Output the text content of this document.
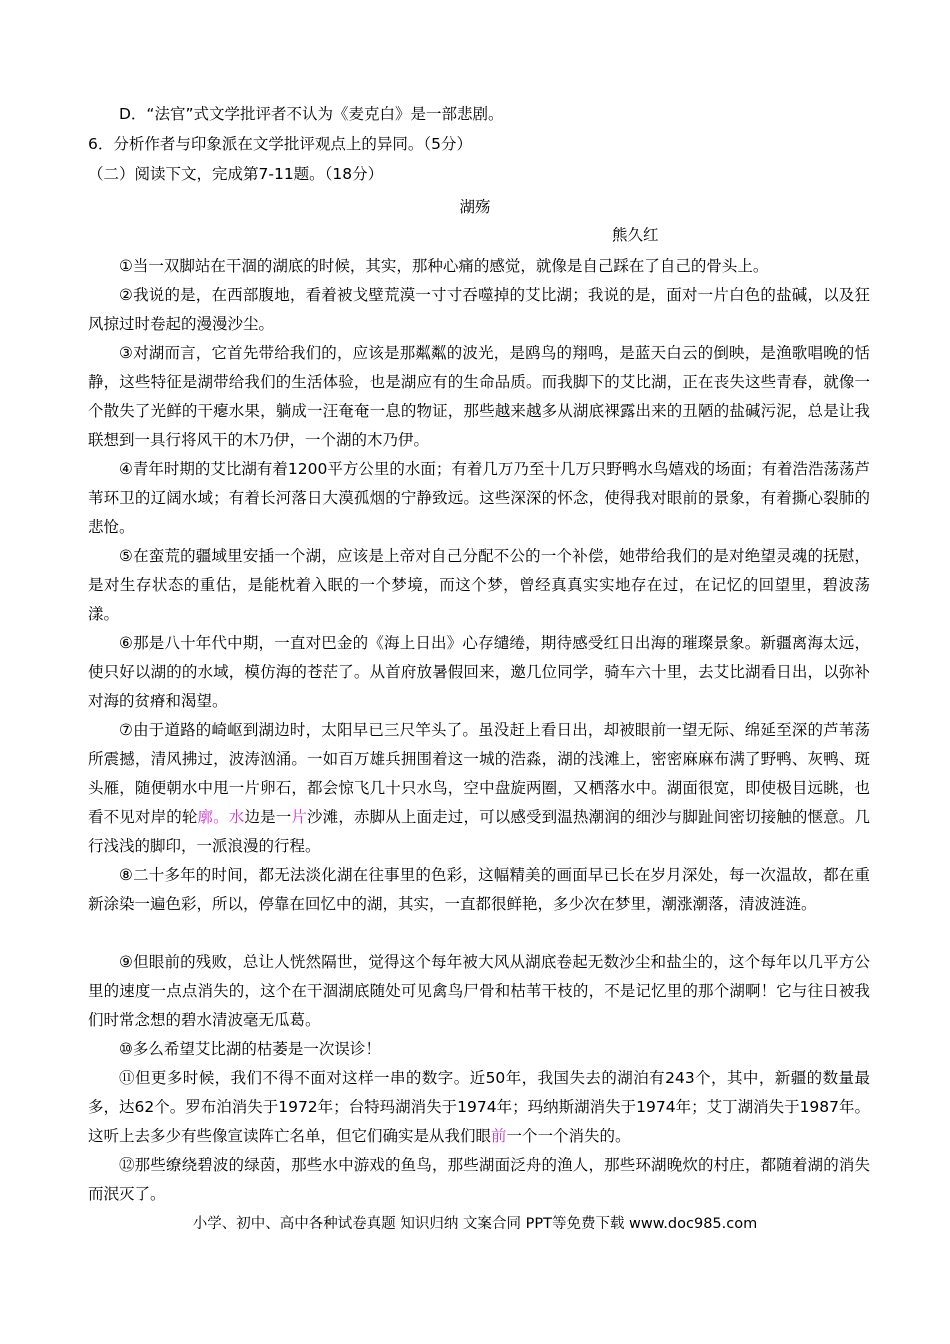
D．“法官”式文学批评者不认为《麦克白》是一部悲剧。
6．分析作者与印象派在文学批评观点上的异同。（5分）
（二）阅读下文，完成第7-11题。（18分）
湖殇
熊久红
①当一双脚站在干涸的湖底的时候，其实，那种心痛的感觉，就像是自己踩在了自己的骨头上。
②我说的是，在西部腹地，看着被戈壁荒漠一寸寸吞噬掉的艾比湖；我说的是，面对一片白色的盐碱，以及狂风掠过时卷起的漫漫沙尘。
③对湖而言，它首先带给我们的，应该是那粼粼的波光，是鸥鸟的翔鸣，是蓝天白云的倒映，是渔歌唱晚的恬静，这些特征是湖带给我们的生活体验，也是湖应有的生命品质。而我脚下的艾比湖，正在丧失这些青春，就像一个散失了光鲜的干瘪水果，躺成一汪奄奄一息的物证，那些越来越多从湖底裸露出来的丑陋的盐碱污泥，总是让我联想到一具行将风干的木乃伊，一个湖的木乃伊。
④青年时期的艾比湖有着1200平方公里的水面；有着几万乃至十几万只野鸭水鸟嬉戏的场面；有着浩浩荡荡芦苇环卫的辽阔水域；有着长河落日大漠孤烟的宁静致远。这些深深的怀念，使得我对眼前的景象，有着撕心裂肺的悲怆。
⑤在蛮荒的疆域里安插一个湖，应该是上帝对自己分配不公的一个补偿，她带给我们的是对绝望灵魂的抚慰，是对生存状态的重估，是能枕着入眠的一个梦境，而这个梦，曾经真真实实地存在过，在记忆的回望里，碧波荡漾。
⑥那是八十年代中期，一直对巴金的《海上日出》心存缱绻，期待感受红日出海的璀璨景象。新疆离海太远，使只好以湖的的水域，模仿海的苍茫了。从首府放暑假回来，邀几位同学，骑车六十里，去艾比湖看日出，以弥补对海的贫瘠和渴望。
⑦由于道路的崎岖到湖边时，太阳早已三尺竿头了。虽没赶上看日出，却被眼前一望无际、绵延至深的芦苇荡所震撼，清风拂过，波涛汹涌。一如百万雄兵拥围着这一城的浩淼，湖的浅滩上，密密麻麻布满了野鸭、灰鸭、斑头雁，随便朝水中甩一片卵石，都会惊飞几十只水鸟，空中盘旋两圈，又栖落水中。湖面很宽，即使极目远眺，也看不见对岸的轮廓。水边是一片沙滩，赤脚从上面走过，可以感受到温热潮润的细沙与脚趾间密切接触的惬意。几行浅浅的脚印，一派浪漫的行程。
⑧二十多年的时间，都无法淡化湖在往事里的色彩，这幅精美的画面早已长在岁月深处，每一次温故，都在重新涂染一遍色彩，所以，停靠在回忆中的湖，其实，一直都很鲜艳，多少次在梦里，潮涨潮落，清波涟涟。
⑨但眼前的残败，总让人恍然隔世，觉得这个每年被大风从湖底卷起无数沙尘和盐尘的，这个每年以几平方公里的速度一点点消失的，这个在干涸湖底随处可见禽鸟尸骨和枯苇干枝的，不是记忆里的那个湖啊！它与往日被我们时常念想的碧水清波毫无瓜葛。
⑩多么希望艾比湖的枯萎是一次误诊！
⑪但更多时候，我们不得不面对这样一串的数字。近50年，我国失去的湖泊有243个，其中，新疆的数量最多，达62个。罗布泊消失于1972年；台特玛湖消失于1974年；玛纳斯湖消失于1974年；艾丁湖消失于1987年。这听上去多少有些像宣读阵亡名单，但它们确实是从我们眼前一个一个消失的。
⑫那些缭绕碧波的绿茵，那些水中游戏的鱼鸟，那些湖面泛舟的渔人，那些环湖晚炊的村庄，都随着湖的消失而泯灭了。
小学、初中、高中各种试卷真题 知识归纳 文案合同 PPT等免费下载 www.doc985.com
